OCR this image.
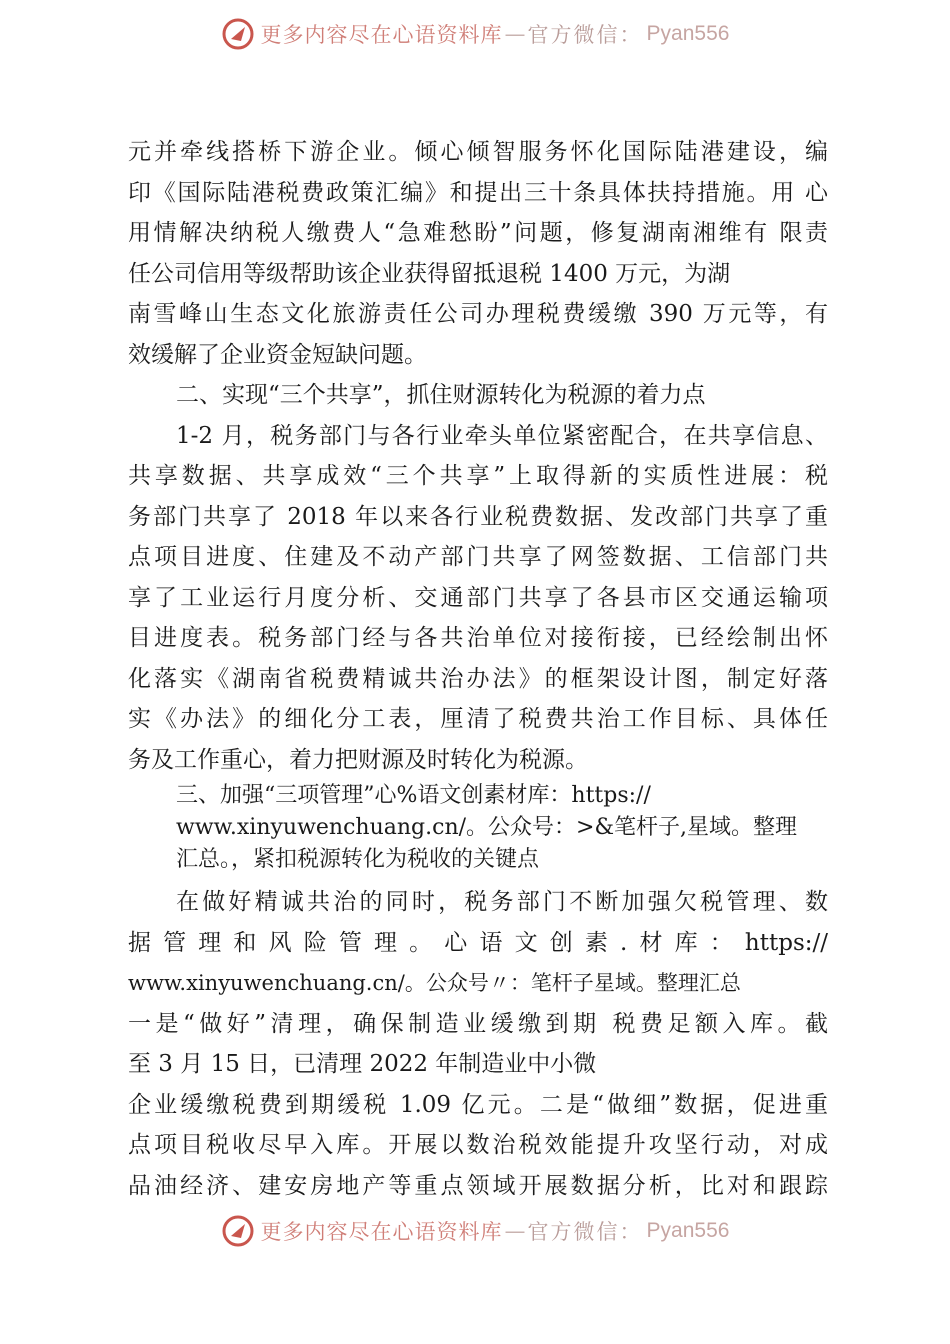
更多内容尽在心语资料库 — 官方微信： Pyan556
元并牵线搭桥下游企业。倾心倾智服务怀化国际陆港建设，编
印《国际陆港税费政策汇编》和提出三十条具体扶持措施。用 心
用情解决纳税人缴费人“急难愁盼”问题，修复湖南湘维有 限责
任公司信用等级帮助该企业获得留抵退税 1400 万元，为湖
南雪峰山生态文化旅游责任公司办理税费缓缴 390 万元等，有
效缓解了企业资金短缺问题。
二、实现“三个共享”，抓住财源转化为税源的着力点
1-2 月，税务部门与各行业牵头单位紧密配合，在共享信息、
共享数据、共享成效“三个共享”上取得新的实质性进展：税
务部门共享了 2018 年以来各行业税费数据、发改部门共享了重
点项目进度、住建及不动产部门共享了网签数据、工信部门共
享了工业运行月度分析、交通部门共享了各县市区交通运输项
目进度表。税务部门经与各共治单位对接衔接，已经绘制出怀
化落实《湖南省税费精诚共治办法》的框架设计图，制定好落
实《办法》的细化分工表，厘清了税费共治工作目标、具体任
务及工作重心，着力把财源及时转化为税源。
三、加强“三项管理”心%语文创素材库：https://
www.xinyuwenchuang.cn/。公众号：>&笔杆子,星域。整理
汇总。，紧扣税源转化为税收的关键点
在做好精诚共治的同时，税务部门不断加强欠税管理、数
据管理和风险管理。心语文创素.材库：https://
www.xinyuwenchuang.cn/。公众号〃：笔杆子星域。整理汇总
一是“做好”清理，确保制造业缓缴到期 税费足额入库。截
至 3 月 15 日，已清理 2022 年制造业中小微
企业缓缴税费到期缓税 1.09 亿元。二是“做细”数据，促进重
点项目税收尽早入库。开展以数治税效能提升攻坚行动，对成
品油经济、建安房地产等重点领域开展数据分析，比对和跟踪
更多内容尽在心语资料库 — 官方微信： Pyan556
